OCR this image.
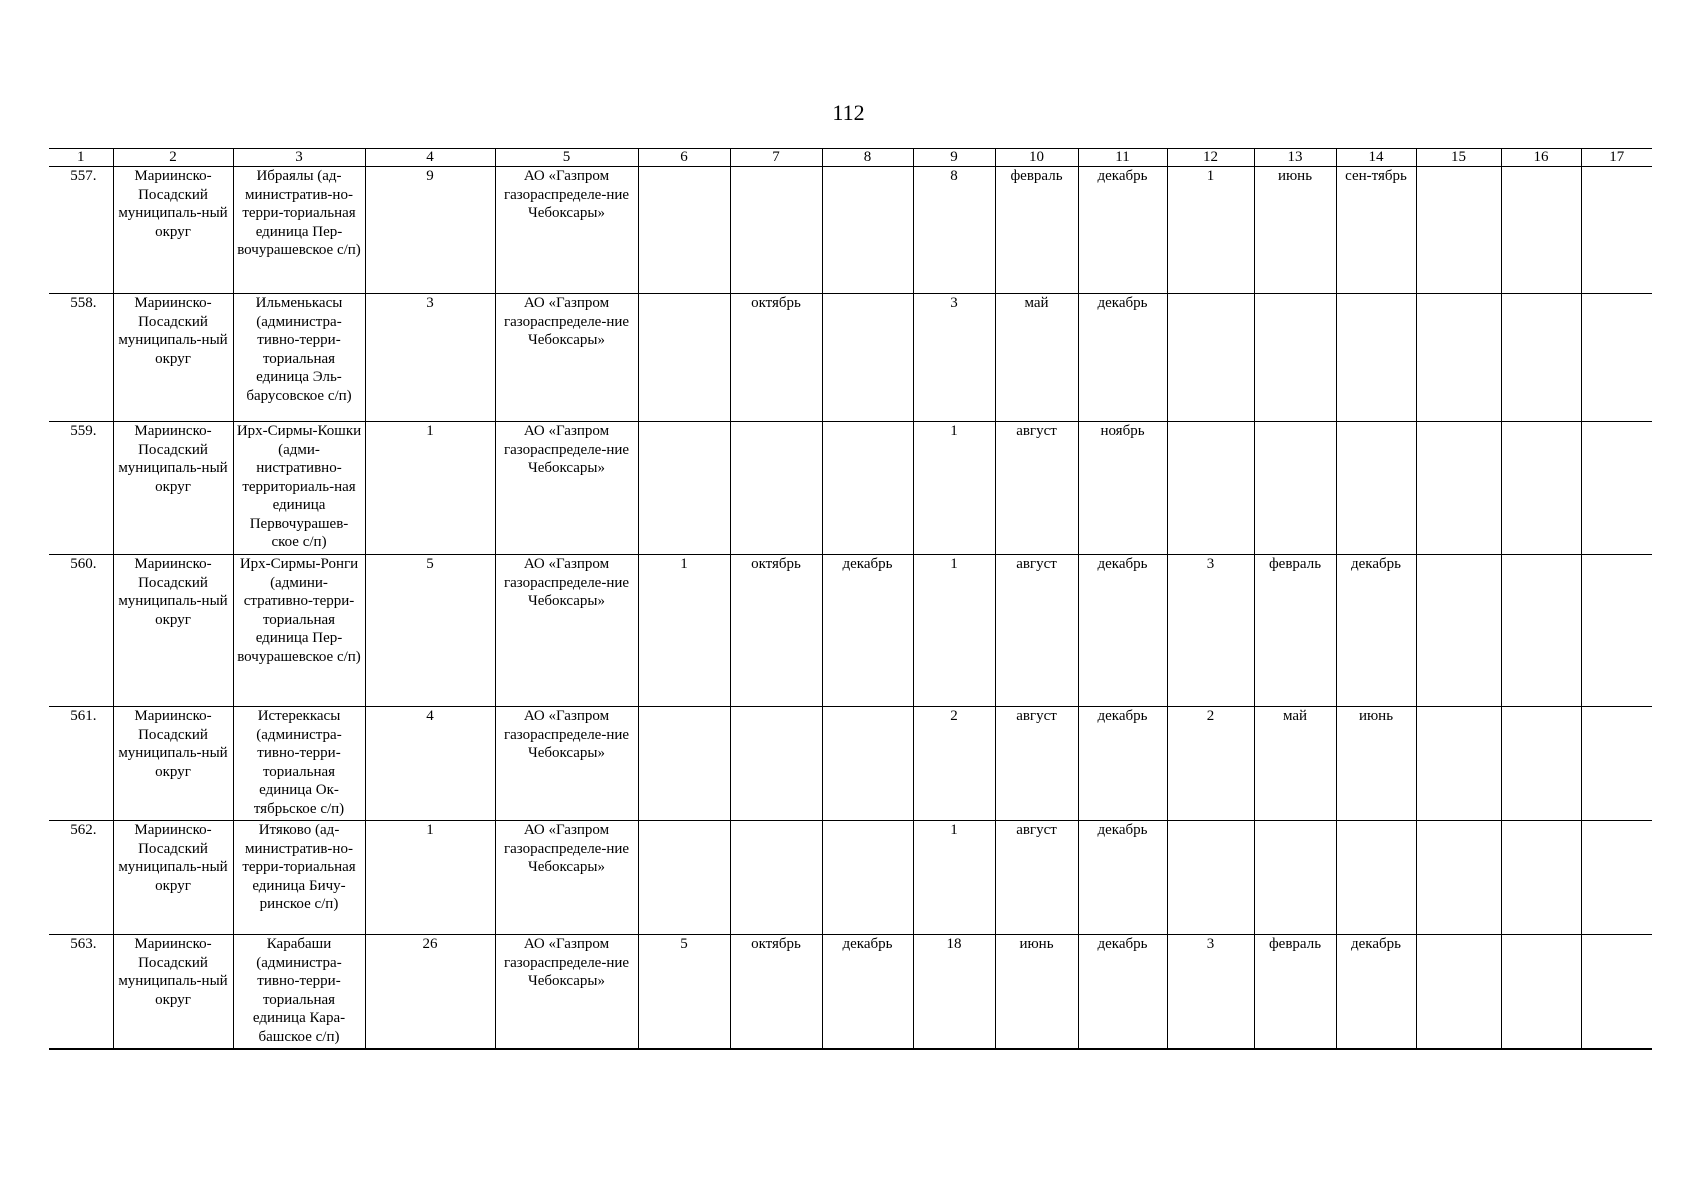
112
1	2	3	4	5	6	7	8	9	10	11	12	13	14	15	16	17
557.	Мариинско-Посадский муниципаль-ный округ	Ибраялы (ад-министратив-но-терри-ториальная единица Пер-вочурашевское с/п)	9	АО «Газпром газораспределе-ние Чебоксары»				8	февраль	декабрь	1	июнь	сен-тябрь			
558.	Мариинско-Посадский муниципаль-ный округ	Ильменькасы (администра-тивно-терри-ториальная единица Эль-барусовское с/п)	3	АО «Газпром газораспределе-ние Чебоксары»		октябрь		3	май	декабрь						
559.	Мариинско-Посадский муниципаль-ный округ	Ирх-Сирмы-Кошки (адми-нистративно-территориаль-ная единица Первочурашев-ское с/п)	1	АО «Газпром газораспределе-ние Чебоксары»				1	август	ноябрь						
560.	Мариинско-Посадский муниципаль-ный округ	Ирх-Сирмы-Ронги (админи-стративно-терри-ториальная единица Пер-вочурашевское с/п)	5	АО «Газпром газораспределе-ние Чебоксары»	1	октябрь	декабрь	1	август	декабрь	3	февраль	декабрь			
561.	Мариинско-Посадский муниципаль-ный округ	Истереккасы (администра-тивно-терри-ториальная единица Ок-тябрьское с/п)	4	АО «Газпром газораспределе-ние Чебоксары»				2	август	декабрь	2	май	июнь			
562.	Мариинско-Посадский муниципаль-ный округ	Итяково (ад-министратив-но-терри-ториальная единица Бичу-ринское с/п)	1	АО «Газпром газораспределе-ние Чебоксары»				1	август	декабрь						
563.	Мариинско-Посадский муниципаль-ный округ	Карабаши (администра-тивно-терри-ториальная единица Кара-башское с/п)	26	АО «Газпром газораспределе-ние Чебоксары»	5	октябрь	декабрь	18	июнь	декабрь	3	февраль	декабрь			
